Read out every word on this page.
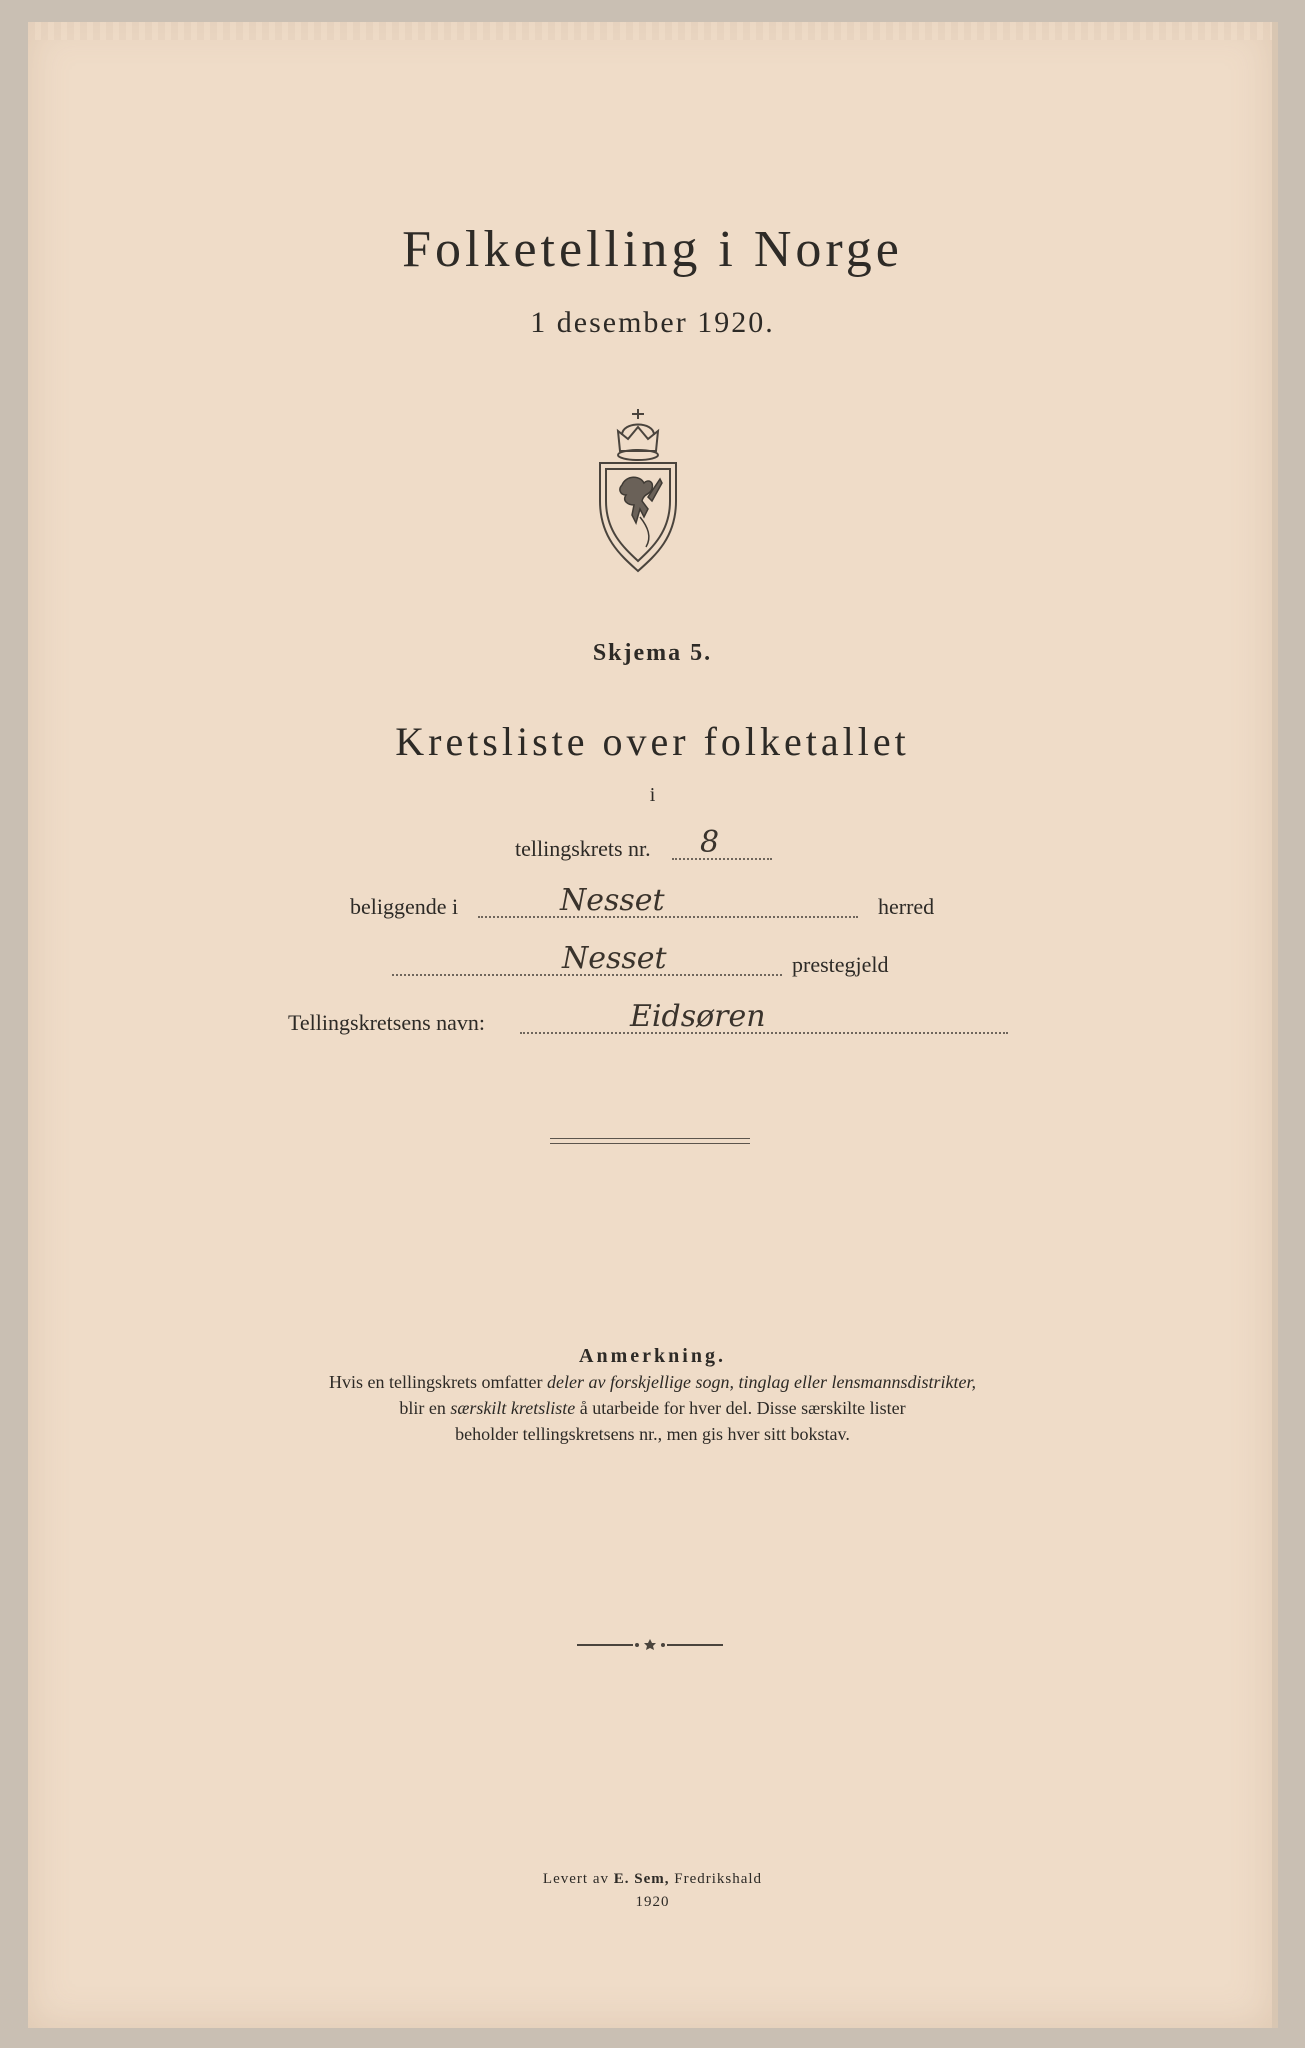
Folketelling i Norge
1 desember 1920.
Skjema 5.
Kretsliste over folketallet
i
tellingskrets nr. 8
beliggende i	Nesset	herred
Nesset	prestegjeld
Tellingskretsens navn:	Eidsøren
Anmerkning.
Hvis en tellingskrets omfatter deler av forskjellige sogn, tinglag eller lensmannsdistrikter,
blir en særskilt kretsliste å utarbeide for hver del. Disse særskilte lister
beholder tellingskretsens nr., men gis hver sitt bokstav.
Levert av E. Sem, Fredrikshald
1920
